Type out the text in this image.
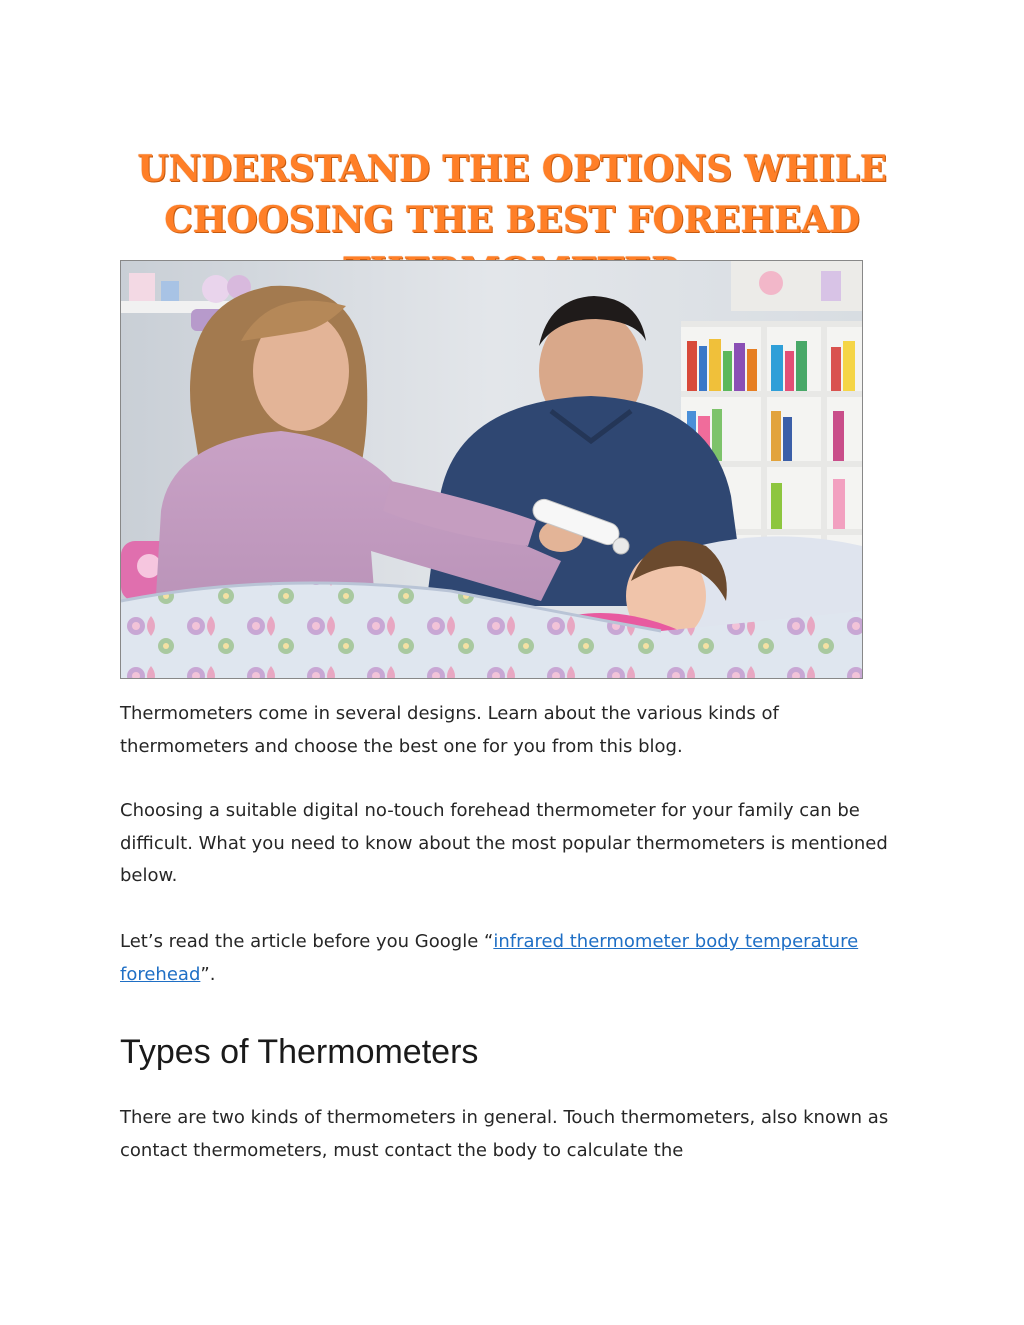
UNDERSTAND THE OPTIONS WHILE CHOOSING THE BEST FOREHEAD

Thermometers come in several designs. Learn about the various kinds of thermometers and choose the best one for you from this blog.

Choosing a suitable digital no-touch forehead thermometer for your family can be difficult. What you need to know about the most popular thermometers is mentioned below.

Let’s read the article before you Google “infrared thermometer body temperature forehead”.

Types of Thermometers

There are two kinds of thermometers in general. Touch thermometers, also known as contact thermometers, must contact the body to calculate the
